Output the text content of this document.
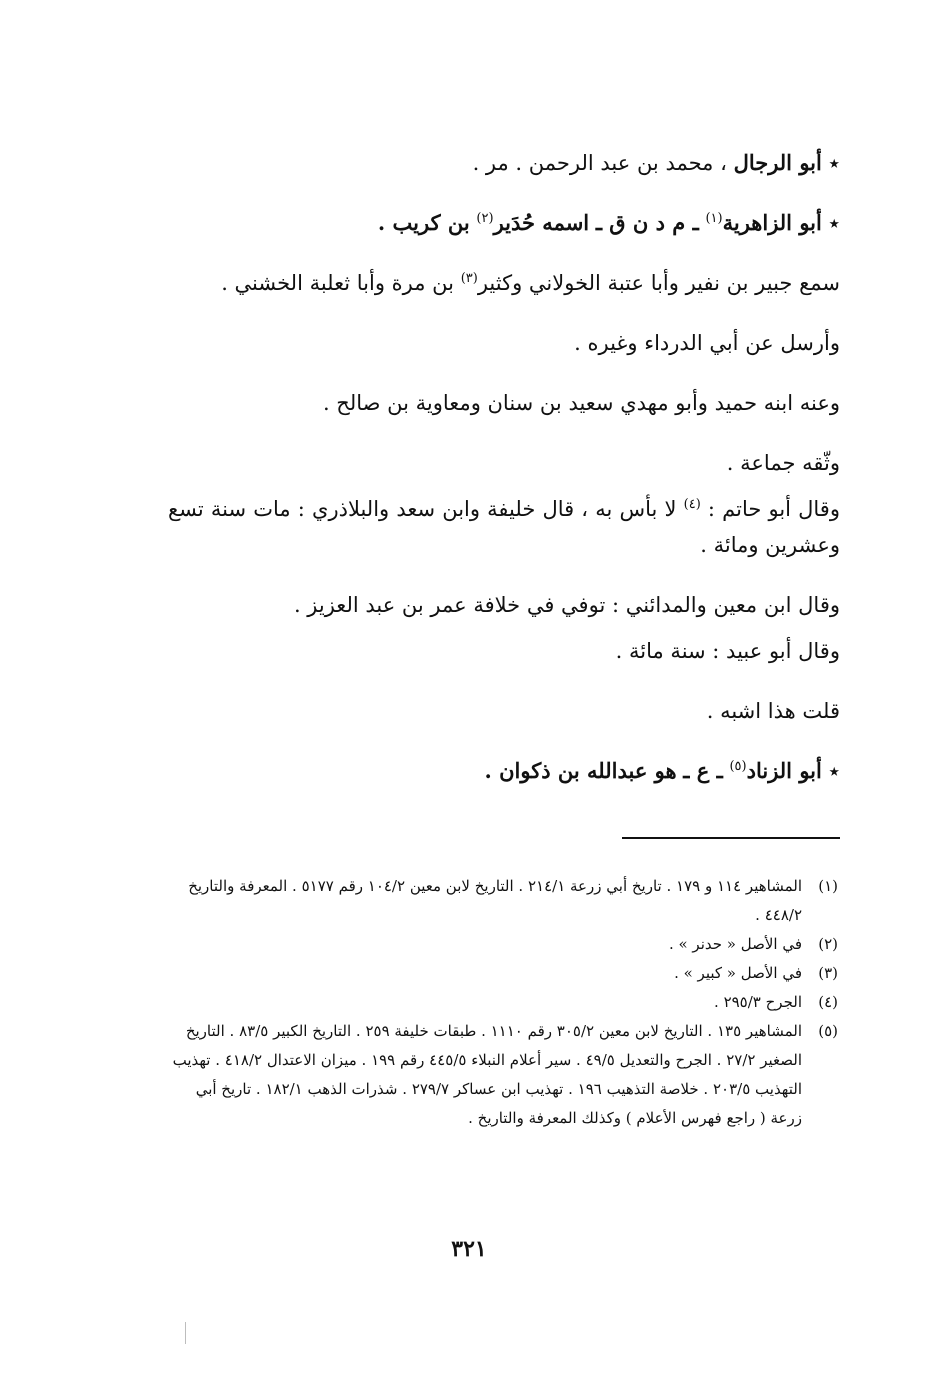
٭ أبو الرجال ، محمد بن عبد الرحمن . مر .

٭ أبو الزاهرية$^{(١)}$ ـ م د ن ق ـ اسمه حُدَير$^{(٢)}$ بن كريب .

سمع جبير بن نفير وأبا عتبة الخولاني وكثير$^{(٣)}$ بن مرة وأبا ثعلبة الخشني .

وأرسل عن أبي الدرداء وغيره .

وعنه ابنه حميد وأبو مهدي سعيد بن سنان ومعاوية بن صالح .

وثّقه جماعة .

وقال أبو حاتم : $^{(٤)}$ لا بأس به ، قال خليفة وابن سعد والبلاذري : مات سنة تسع وعشرين ومائة .

وقال ابن معين والمدائني : توفي في خلافة عمر بن عبد العزيز .

وقال أبو عبيد : سنة مائة .

قلت هذا اشبه .

٭ أبو الزناد$^{(٥)}$ ـ ع ـ هو عبدالله بن ذكوان .

(١)
المشاهير ١١٤ و ١٧٩ . تاريخ أبي زرعة ٢١٤/١ . التاريخ لابن معين ١٠٤/٢ رقم ٥١٧٧ . المعرفة والتاريخ ٤٤٨/٢ .

(٢)
في الأصل « حدنر » .

(٣)
في الأصل « كبير » .

(٤)
الجرح ٢٩٥/٣ .

(٥)
المشاهير ١٣٥ . التاريخ لابن معين ٣٠٥/٢ رقم ١١١٠ . طبقات خليفة ٢٥٩ . التاريخ الكبير ٨٣/٥ . التاريخ الصغير ٢٧/٢ . الجرح والتعديل ٤٩/٥ . سير أعلام النبلاء ٤٤٥/٥ رقم ١٩٩ . ميزان الاعتدال ٤١٨/٢ . تهذيب التهذيب ٢٠٣/٥ . خلاصة التذهيب ١٩٦ . تهذيب ابن عساكر ٢٧٩/٧ . شذرات الذهب ١٨٢/١ . تاريخ أبي زرعة ( راجع فهرس الأعلام ) وكذلك المعرفة والتاريخ .

٣٢١
